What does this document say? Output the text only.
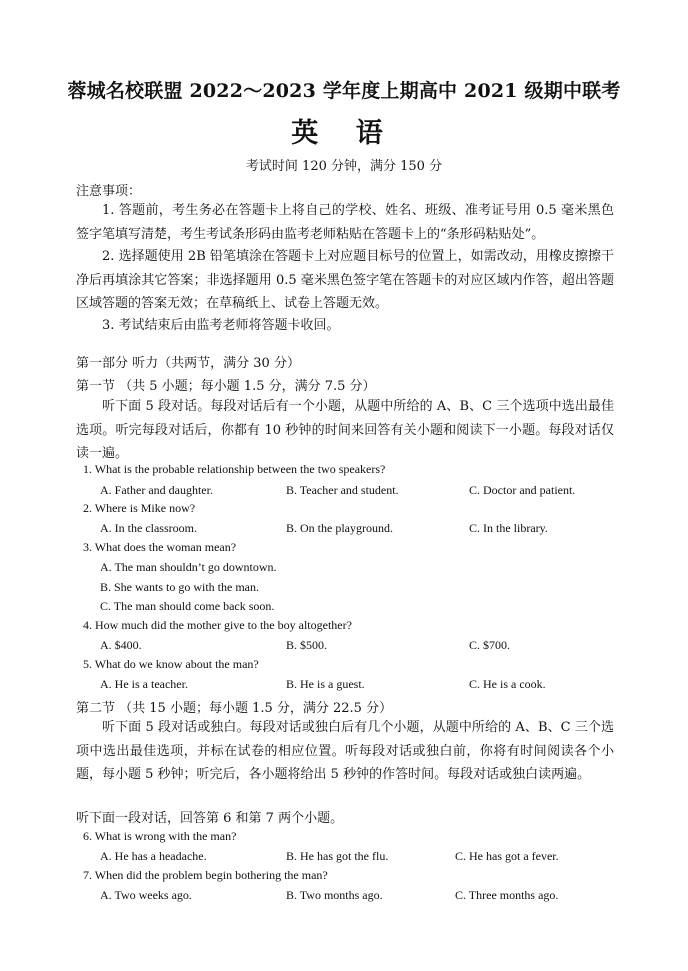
蓉城名校联盟 2022～2023 学年度上期高中 2021 级期中联考
英 语
考试时间 120 分钟，满分 150 分
注意事项：
1. 答题前，考生务必在答题卡上将自己的学校、姓名、班级、准考证号用 0.5 毫米黑色签字笔填写清楚，考生考试条形码由监考老师粘贴在答题卡上的“条形码粘贴处”。
2. 选择题使用 2B 铅笔填涂在答题卡上对应题目标号的位置上，如需改动，用橡皮擦擦干净后再填涂其它答案；非选择题用 0.5 毫米黑色签字笔在答题卡的对应区域内作答，超出答题区域答题的答案无效；在草稿纸上、试卷上答题无效。
3. 考试结束后由监考老师将答题卡收回。
第一部分 听力（共两节，满分 30 分）
第一节 （共 5 小题；每小题 1.5 分，满分 7.5 分）
听下面 5 段对话。每段对话后有一个小题，从题中所给的 A、B、C 三个选项中选出最佳选项。听完每段对话后，你都有 10 秒钟的时间来回答有关小题和阅读下一小题。每段对话仅读一遍。
1. What is the probable relationship between the two speakers?
A. Father and daughter.	B. Teacher and student.	C. Doctor and patient.
2. Where is Mike now?
A. In the classroom.	B. On the playground.	C. In the library.
3. What does the woman mean?
A. The man shouldn’t go downtown.
B. She wants to go with the man.
C. The man should come back soon.
4. How much did the mother give to the boy altogether?
A. $400.	B. $500.	C. $700.
5. What do we know about the man?
A. He is a teacher.	B. He is a guest.	C. He is a cook.
第二节 （共 15 小题；每小题 1.5 分，满分 22.5 分）
听下面 5 段对话或独白。每段对话或独白后有几个小题，从题中所给的 A、B、C 三个选项中选出最佳选项，并标在试卷的相应位置。听每段对话或独白前，你将有时间阅读各个小题，每小题 5 秒钟；听完后，各小题将给出 5 秒钟的作答时间。每段对话或独白读两遍。
听下面一段对话，回答第 6 和第 7 两个小题。
6. What is wrong with the man?
A. He has a headache.	B. He has got the flu.	C. He has got a fever.
7. When did the problem begin bothering the man?
A. Two weeks ago.	B. Two months ago.	C. Three months ago.
